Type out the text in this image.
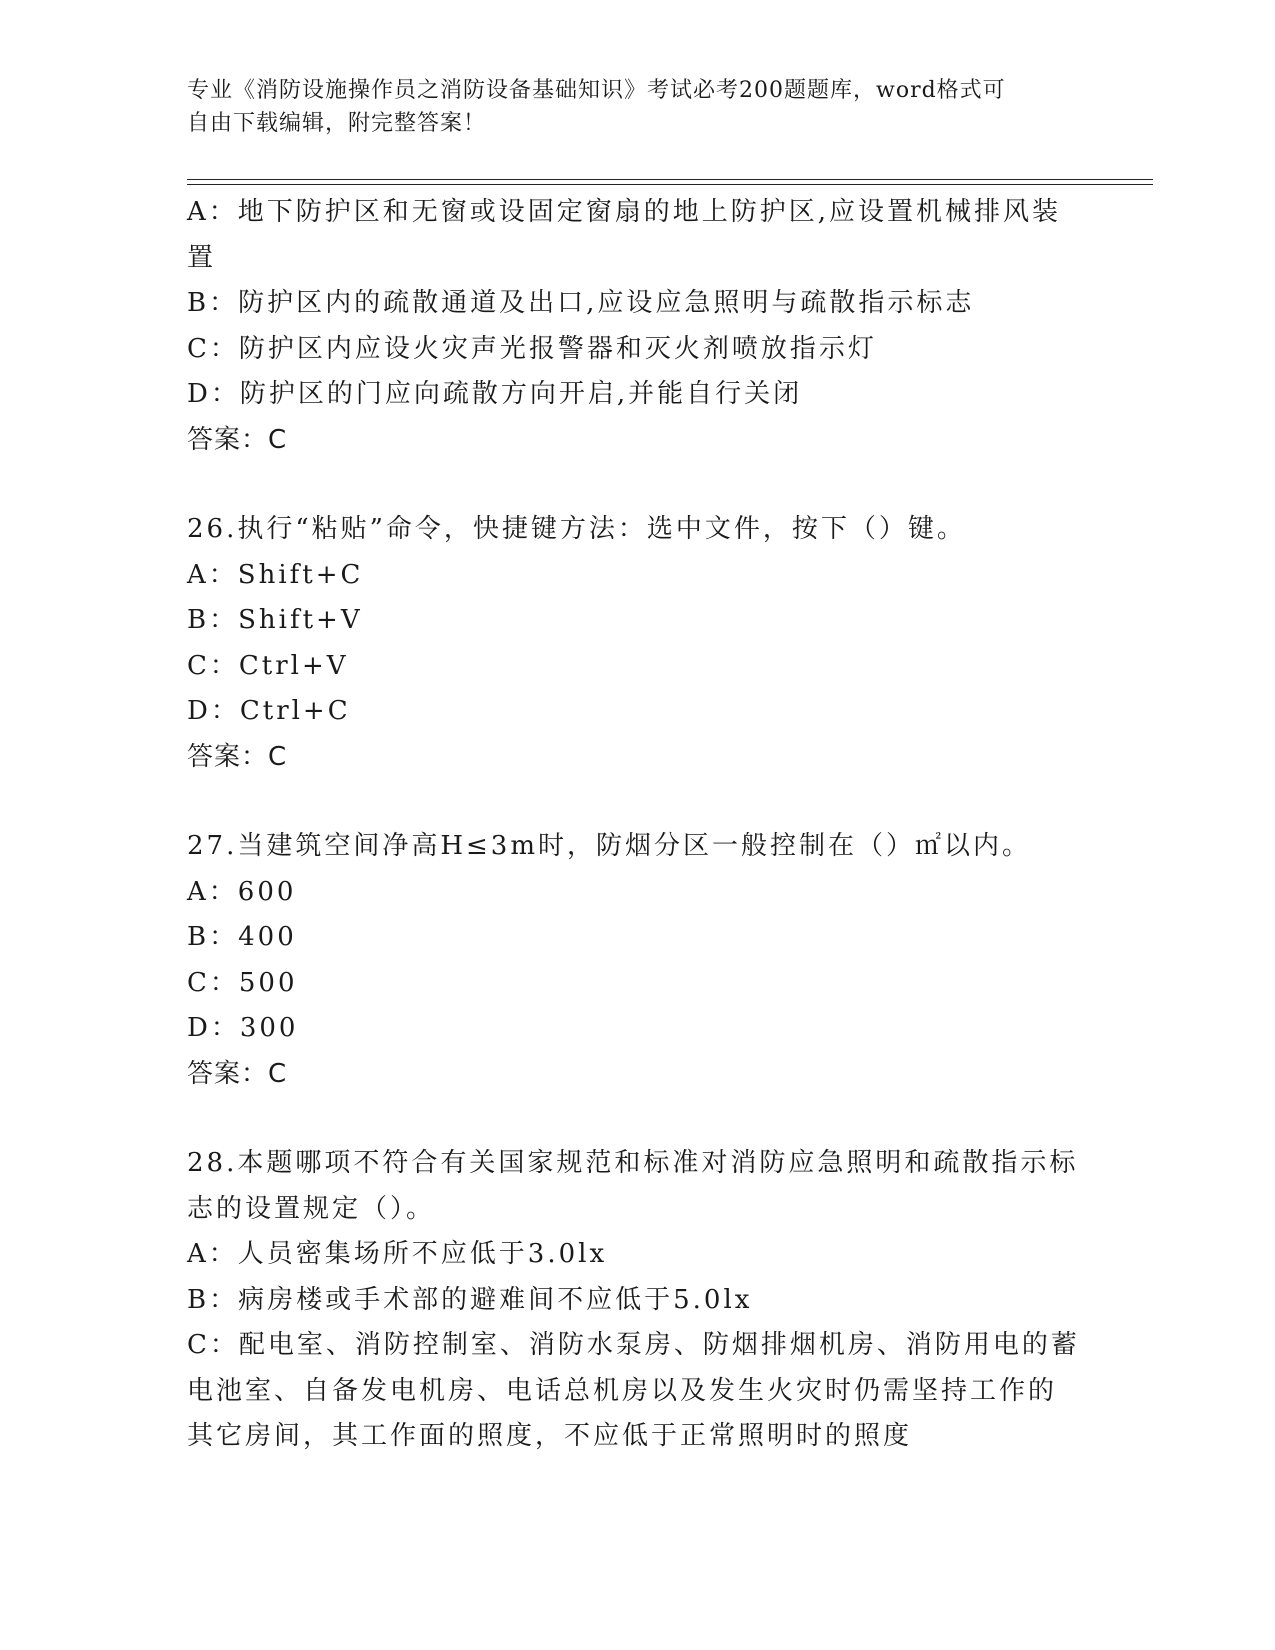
专业《消防设施操作员之消防设备基础知识》考试必考200题题库，word格式可
自由下载编辑，附完整答案！
A：地下防护区和无窗或设固定窗扇的地上防护区,应设置机械排风装
置
B：防护区内的疏散通道及出口,应设应急照明与疏散指示标志
C：防护区内应设火灾声光报警器和灭火剂喷放指示灯
D：防护区的门应向疏散方向开启,并能自行关闭
答案：C
26.执行“粘贴”命令，快捷键方法：选中文件，按下（）键。
A：Shift+C
B：Shift+V
C：Ctrl+V
D：Ctrl+C
答案：C
27.当建筑空间净高H≤3m时，防烟分区一般控制在（）㎡以内。
A：600
B：400
C：500
D：300
答案：C
28.本题哪项不符合有关国家规范和标准对消防应急照明和疏散指示标
志的设置规定（）。
A：人员密集场所不应低于3.0lx
B：病房楼或手术部的避难间不应低于5.0lx
C：配电室、消防控制室、消防水泵房、防烟排烟机房、消防用电的蓄
电池室、自备发电机房、电话总机房以及发生火灾时仍需坚持工作的
其它房间，其工作面的照度，不应低于正常照明时的照度
